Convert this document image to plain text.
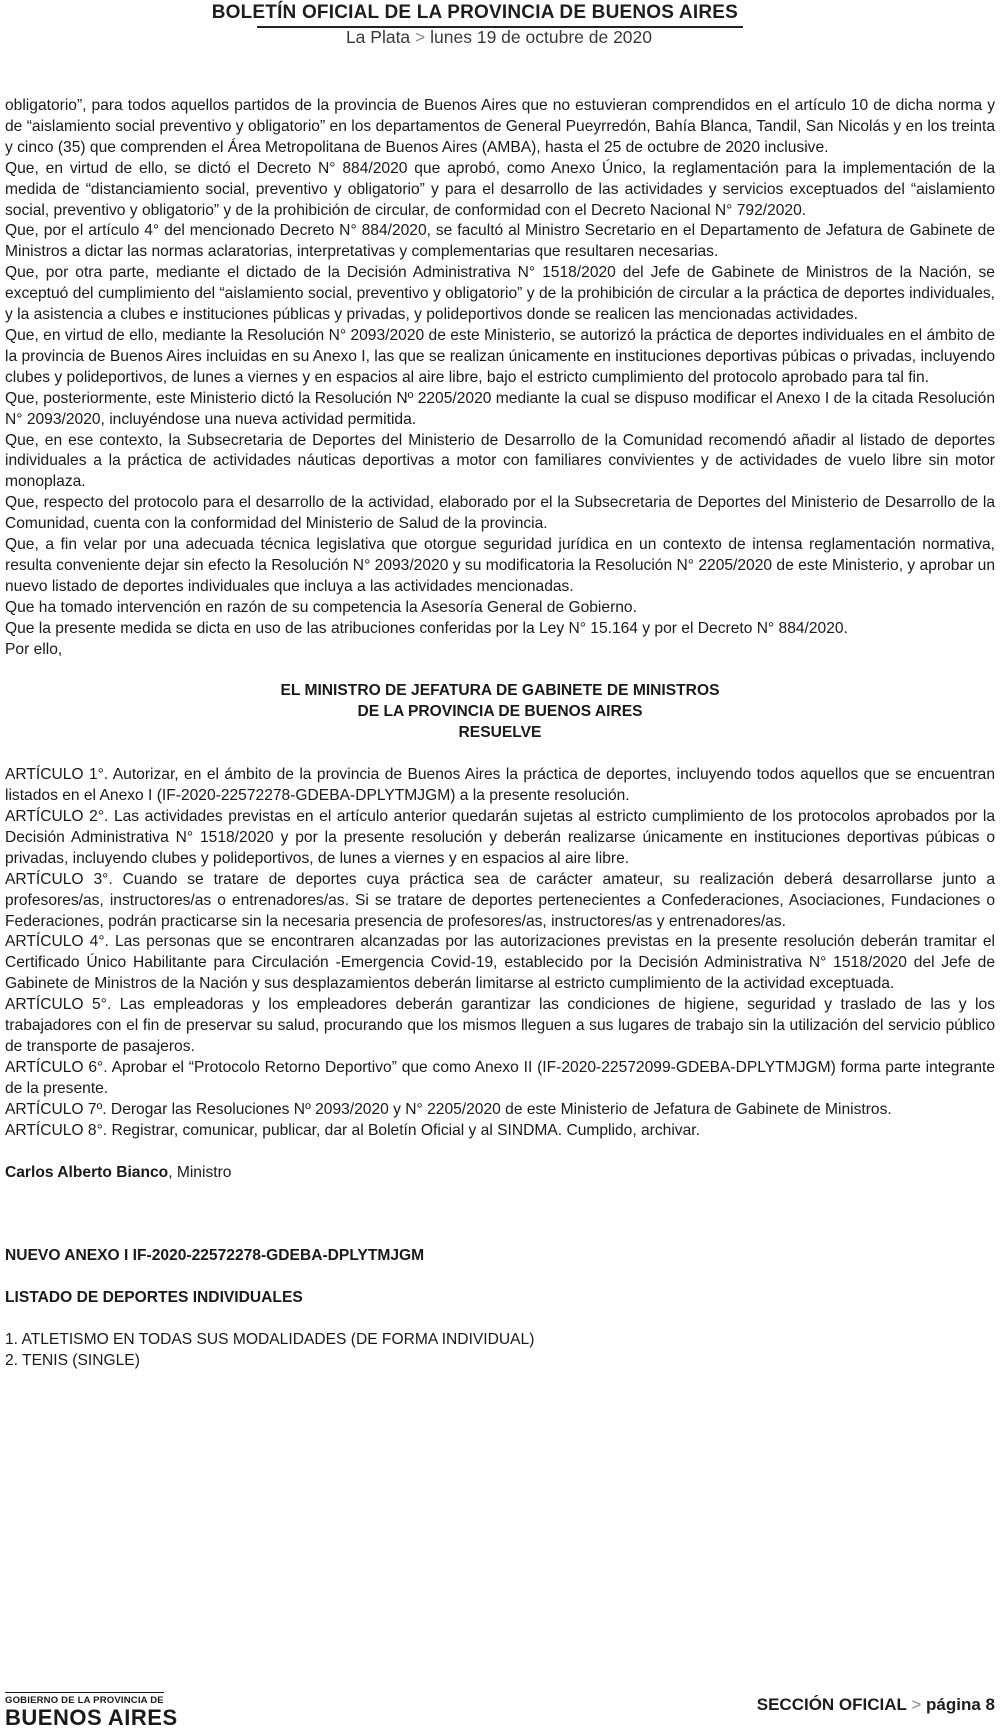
BOLETÍN OFICIAL DE LA PROVINCIA DE BUENOS AIRES
La Plata > lunes 19 de octubre de 2020

obligatorio”, para todos aquellos partidos de la provincia de Buenos Aires que no estuvieran comprendidos en el artículo 10 de dicha norma y de “aislamiento social preventivo y obligatorio” en los departamentos de General Pueyrredón, Bahía Blanca, Tandil, San Nicolás y en los treinta y cinco (35) que comprenden el Área Metropolitana de Buenos Aires (AMBA), hasta el 25 de octubre de 2020 inclusive.

Que, en virtud de ello, se dictó el Decreto N° 884/2020 que aprobó, como Anexo Único, la reglamentación para la implementación de la medida de “distanciamiento social, preventivo y obligatorio” y para el desarrollo de las actividades y servicios exceptuados del “aislamiento social, preventivo y obligatorio” y de la prohibición de circular, de conformidad con el Decreto Nacional N° 792/2020.

Que, por el artículo 4° del mencionado Decreto N° 884/2020, se facultó al Ministro Secretario en el Departamento de Jefatura de Gabinete de Ministros a dictar las normas aclaratorias, interpretativas y complementarias que resultaren necesarias.

Que, por otra parte, mediante el dictado de la Decisión Administrativa N° 1518/2020 del Jefe de Gabinete de Ministros de la Nación, se exceptuó del cumplimiento del “aislamiento social, preventivo y obligatorio” y de la prohibición de circular a la práctica de deportes individuales, y la asistencia a clubes e instituciones públicas y privadas, y polideportivos donde se realicen las mencionadas actividades.

Que, en virtud de ello, mediante la Resolución N° 2093/2020 de este Ministerio, se autorizó la práctica de deportes individuales en el ámbito de la provincia de Buenos Aires incluidas en su Anexo I, las que se realizan únicamente en instituciones deportivas púbicas o privadas, incluyendo clubes y polideportivos, de lunes a viernes y en espacios al aire libre, bajo el estricto cumplimiento del protocolo aprobado para tal fin.

Que, posteriormente, este Ministerio dictó la Resolución Nº 2205/2020 mediante la cual se dispuso modificar el Anexo I de la citada Resolución N° 2093/2020, incluyéndose una nueva actividad permitida.

Que, en ese contexto, la Subsecretaria de Deportes del Ministerio de Desarrollo de la Comunidad recomendó añadir al listado de deportes individuales a la práctica de actividades náuticas deportivas a motor con familiares convivientes y de actividades de vuelo libre sin motor monoplaza.

Que, respecto del protocolo para el desarrollo de la actividad, elaborado por el la Subsecretaria de Deportes del Ministerio de Desarrollo de la Comunidad, cuenta con la conformidad del Ministerio de Salud de la provincia.

Que, a fin velar por una adecuada técnica legislativa que otorgue seguridad jurídica en un contexto de intensa reglamentación normativa, resulta conveniente dejar sin efecto la Resolución N° 2093/2020 y su modificatoria la Resolución N° 2205/2020 de este Ministerio, y aprobar un nuevo listado de deportes individuales que incluya a las actividades mencionadas.

Que ha tomado intervención en razón de su competencia la Asesoría General de Gobierno.

Que la presente medida se dicta en uso de las atribuciones conferidas por la Ley N° 15.164 y por el Decreto N° 884/2020.

Por ello,

EL MINISTRO DE JEFATURA DE GABINETE DE MINISTROS

DE LA PROVINCIA DE BUENOS AIRES

RESUELVE

ARTÍCULO 1°. Autorizar, en el ámbito de la provincia de Buenos Aires la práctica de deportes, incluyendo todos aquellos que se encuentran listados en el Anexo I (IF-2020-22572278-GDEBA-DPLYTMJGM) a la presente resolución.

ARTÍCULO 2°. Las actividades previstas en el artículo anterior quedarán sujetas al estricto cumplimiento de los protocolos aprobados por la Decisión Administrativa N° 1518/2020 y por la presente resolución y deberán realizarse únicamente en instituciones deportivas púbicas o privadas, incluyendo clubes y polideportivos, de lunes a viernes y en espacios al aire libre.

ARTÍCULO 3°. Cuando se tratare de deportes cuya práctica sea de carácter amateur, su realización deberá desarrollarse junto a profesores/as, instructores/as o entrenadores/as. Si se tratare de deportes pertenecientes a Confederaciones, Asociaciones, Fundaciones o Federaciones, podrán practicarse sin la necesaria presencia de profesores/as, instructores/as y entrenadores/as.

ARTÍCULO 4°. Las personas que se encontraren alcanzadas por las autorizaciones previstas en la presente resolución deberán tramitar el Certificado Único Habilitante para Circulación -Emergencia Covid-19, establecido por la Decisión Administrativa N° 1518/2020 del Jefe de Gabinete de Ministros de la Nación y sus desplazamientos deberán limitarse al estricto cumplimiento de la actividad exceptuada.

ARTÍCULO 5°. Las empleadoras y los empleadores deberán garantizar las condiciones de higiene, seguridad y traslado de las y los trabajadores con el fin de preservar su salud, procurando que los mismos lleguen a sus lugares de trabajo sin la utilización del servicio público de transporte de pasajeros.

ARTÍCULO 6°. Aprobar el “Protocolo Retorno Deportivo” que como Anexo II (IF-2020-22572099-GDEBA-DPLYTMJGM) forma parte integrante de la presente.

ARTÍCULO 7º. Derogar las Resoluciones Nº 2093/2020 y N° 2205/2020 de este Ministerio de Jefatura de Gabinete de Ministros.

ARTÍCULO 8°. Registrar, comunicar, publicar, dar al Boletín Oficial y al SINDMA. Cumplido, archivar.

Carlos Alberto Bianco, Ministro

NUEVO ANEXO I IF-2020-22572278-GDEBA-DPLYTMJGM

LISTADO DE DEPORTES INDIVIDUALES

1. ATLETISMO EN TODAS SUS MODALIDADES (DE FORMA INDIVIDUAL)

2. TENIS (SINGLE)

GOBIERNO DE LA PROVINCIA DE
BUENOS AIRES
SECCIÓN OFICIAL > página 8
